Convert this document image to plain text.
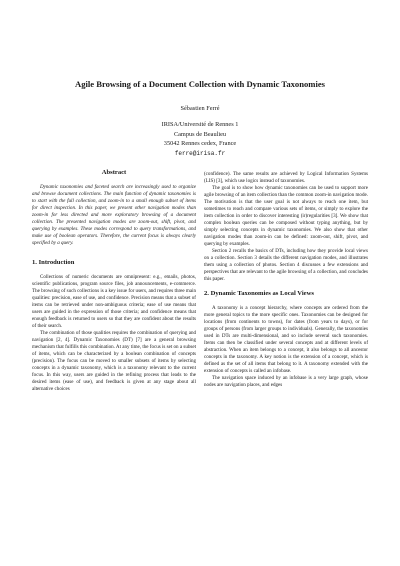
Agile Browsing of a Document Collection with Dynamic Taxonomies
Sébastien Ferré
IRISA/Université de Rennes 1
Campus de Beaulieu
35042 Rennes cedex, France
ferre@irisa.fr
Abstract

Dynamic taxonomies and faceted search are increasingly used to organize and browse document collections. The main function of dynamic taxonomies is to start with the full collection, and zoom-in to a small enough subset of items for direct inspection. In this paper, we present other navigation modes than zoom-in for less directed and more exploratory browsing of a document collection. The presented navigation modes are zoom-out, shift, pivot, and querying by examples. These modes correspond to query transformations, and make use of boolean operators. Therefore, the current focus is always clearly specified by a query.

1. Introduction

Collections of numeric documents are omnipresent: e.g., emails, photos, scientific publications, program source files, job announcements, e-commerce. The browsing of such collections is a key issue for users, and requires three main qualities: precision, ease of use, and confidence. Precision means that a subset of items can be retrieved under non-ambiguous criteria; ease of use means that users are guided in the expression of those criteria; and confidence means that enough feedback is returned to users so that they are confident about the results of their search.

The combination of those qualities requires the combination of querying and navigation [2, 4]. Dynamic Taxonomies (DT) [7] are a general browsing mechanism that fulfills this combination. At any time, the focus is set on a subset of items, which can be characterized by a boolean combination of concepts (precision). The focus can be moved to smaller subsets of items by selecting concepts in a dynamic taxonomy, which is a taxonomy relevant to the current focus. In this way, users are guided in the refining process that leads to the desired items (ease of use), and feedback is given at any stage about all alternative choices

(confidence). The same results are achieved by Logical Information Systems (LIS) [3], which use logics instead of taxonomies.

The goal is to show how dynamic taxonomies can be used to support more agile browsing of an item collection than the common zoom-in navigation mode. The motivation is that the user goal is not always to reach one item, but sometimes to reach and compare various sets of items, or simply to explore the item collection in order to discover interesting (ir)regularities [3]. We show that complex boolean queries can be composed without typing anything, but by simply selecting concepts in dynamic taxonomies. We also show that other navigation modes than zoom-in can be defined: zoom-out, shift, pivot, and querying by examples.

Section 2 recalls the basics of DTs, including how they provide local views on a collection. Section 3 details the different navigation modes, and illustrates them using a collection of photos. Section 4 discusses a few extensions and perspectives that are relevant to the agile browsing of a collection, and concludes this paper.

2. Dynamic Taxonomies as Local Views

A taxonomy is a concept hierarchy, where concepts are ordered from the more general topics to the more specific ones. Taxonomies can be designed for locations (from continents to towns), for dates (from years to days), or for groups of persons (from larger groups to individuals). Generally, the taxonomies used in DTs are multi-dimensional, and so include several such taxonomies. Items can then be classified under several concepts and at different levels of abstraction. When an item belongs to a concept, it also belongs to all ancestor concepts in the taxonomy. A key notion is the extension of a concept, which is defined as the set of all items that belong to it. A taxonomy extended with the extension of concepts is called an infobase.

The navigation space induced by an infobase is a very large graph, whose nodes are navigation places, and edges
